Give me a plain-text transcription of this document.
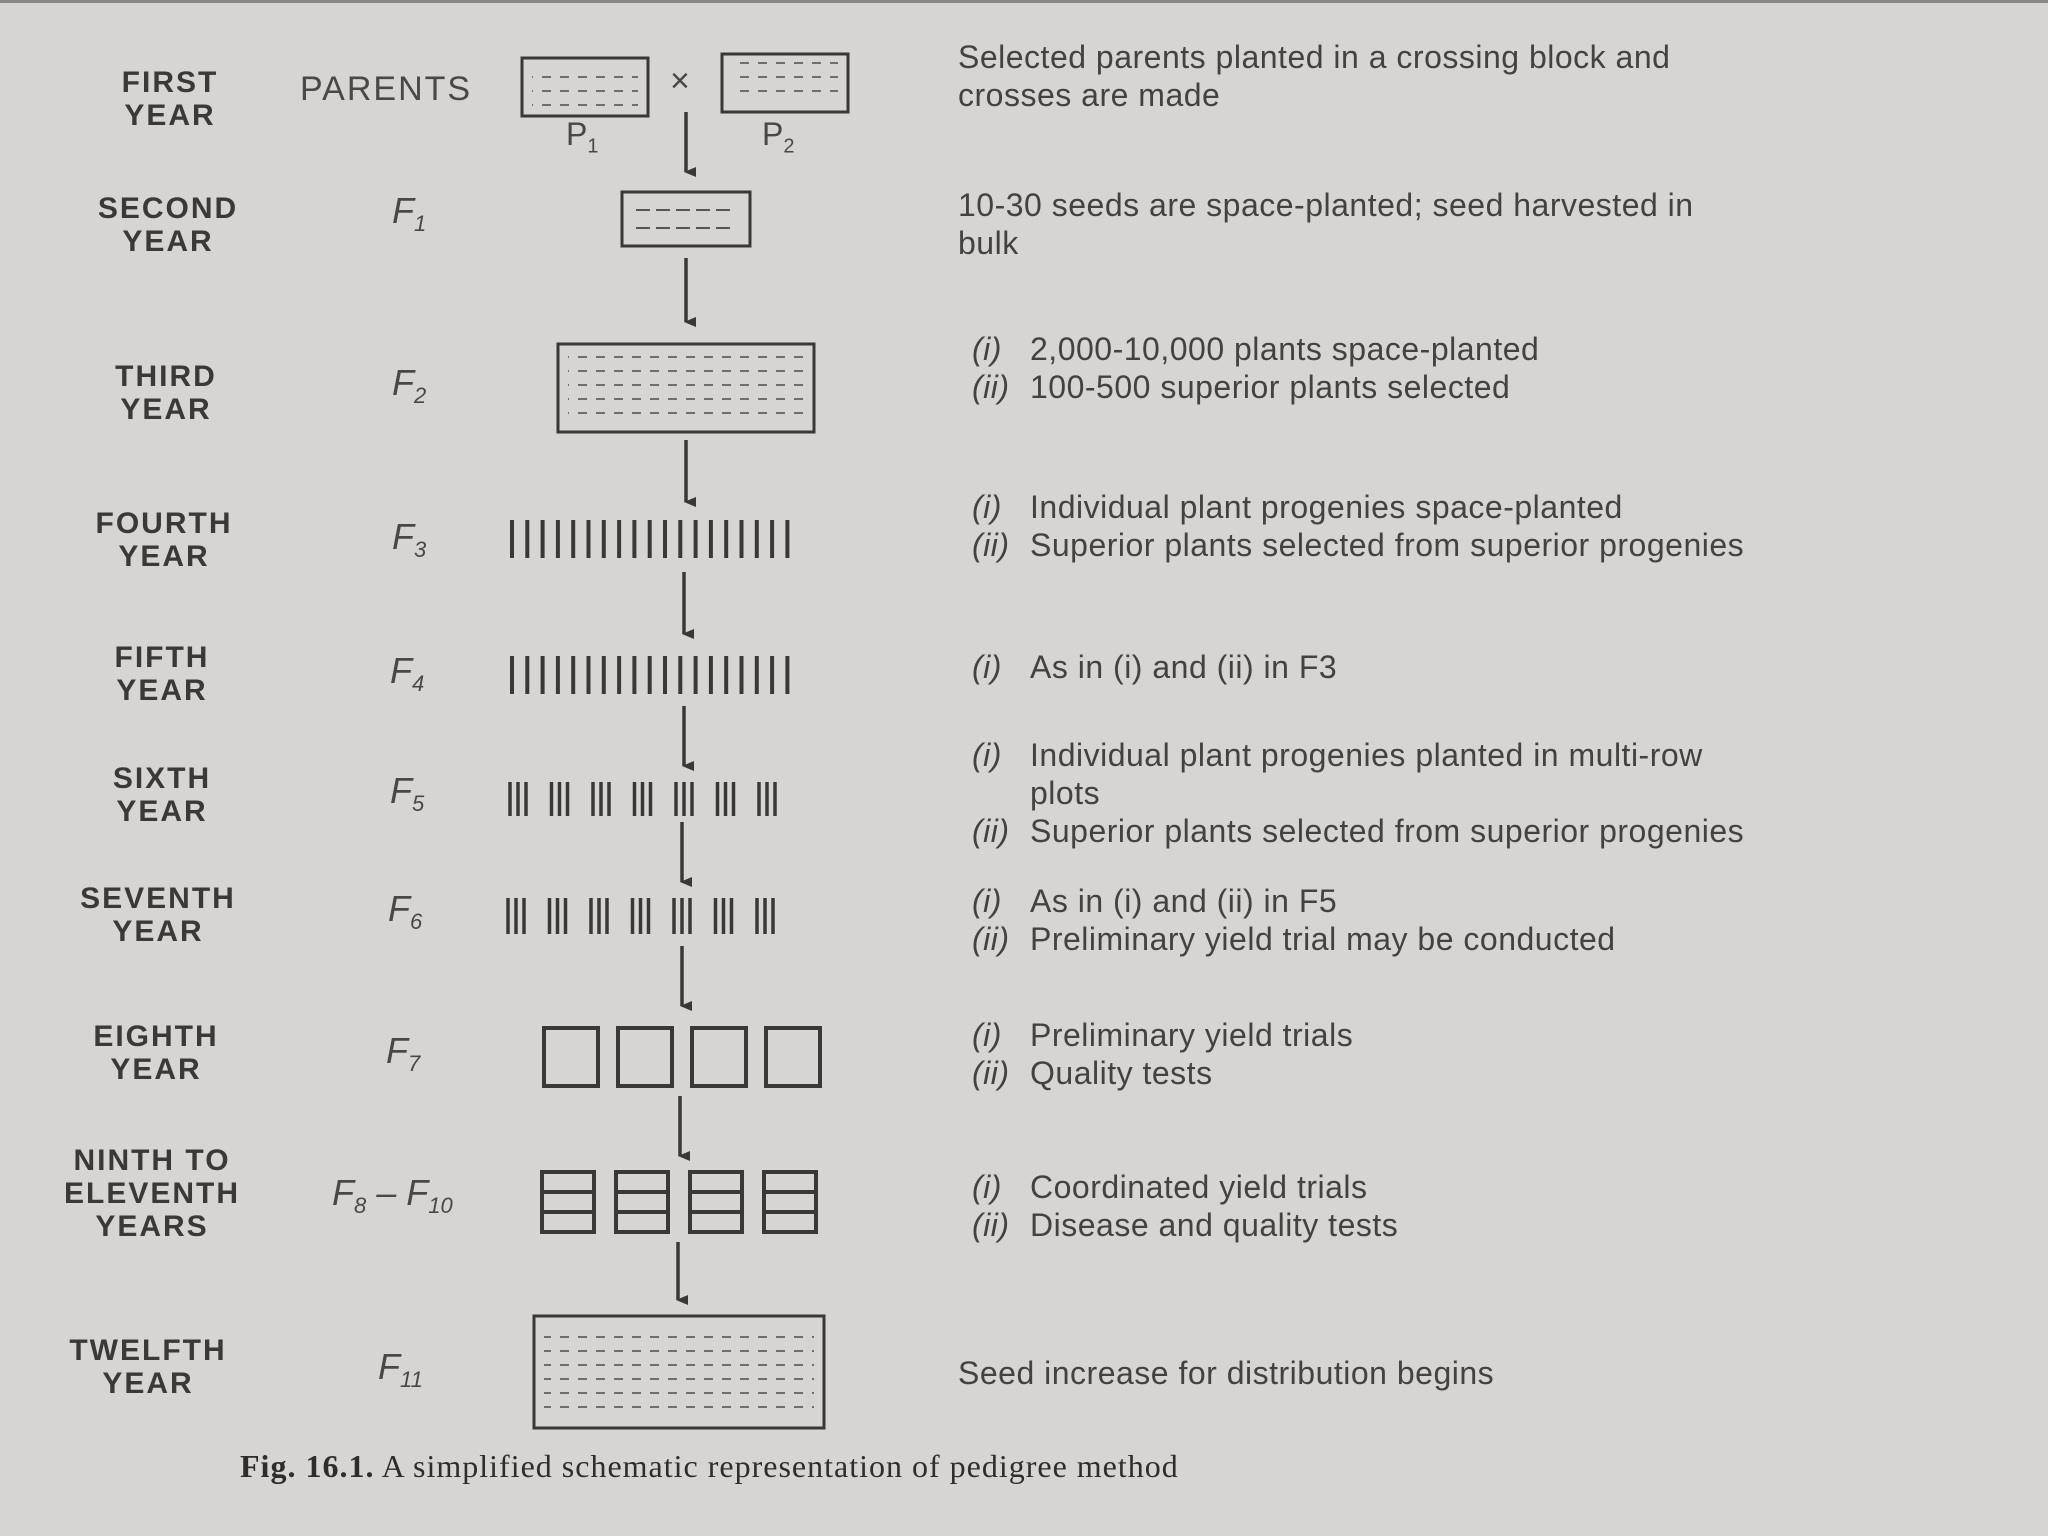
FIRST
YEAR
SECOND
YEAR
THIRD
YEAR
FOURTH
YEAR
FIFTH
YEAR
SIXTH
YEAR
SEVENTH
YEAR
EIGHTH
YEAR
NINTH TO
ELEVENTH
YEARS
TWELFTH
YEAR
PARENTS
$F_1$
$F_2$
$F_3$
$F_4$
$F_5$
$F_6$
$F_7$
$F_8 - F_{10}$
$F_{11}$
$P_1$	$P_2$
×
Selected parents planted in a crossing block and
crosses are made
10-30 seeds are space-planted; seed harvested in
bulk
(i) 2,000-10,000 plants space-planted
(ii) 100-500 superior plants selected
(i) Individual plant progenies space-planted
(ii) Superior plants selected from superior progenies
(i) As in (i) and (ii) in F3
(i) Individual plant progenies planted in multi-row
plots
(ii) Superior plants selected from superior progenies
(i) As in (i) and (ii) in F5
(ii) Preliminary yield trial may be conducted
(i) Preliminary yield trials
(ii) Quality tests
(i) Coordinated yield trials
(ii) Disease and quality tests
Seed increase for distribution begins
Fig. 16.1. A simplified schematic representation of pedigree method
